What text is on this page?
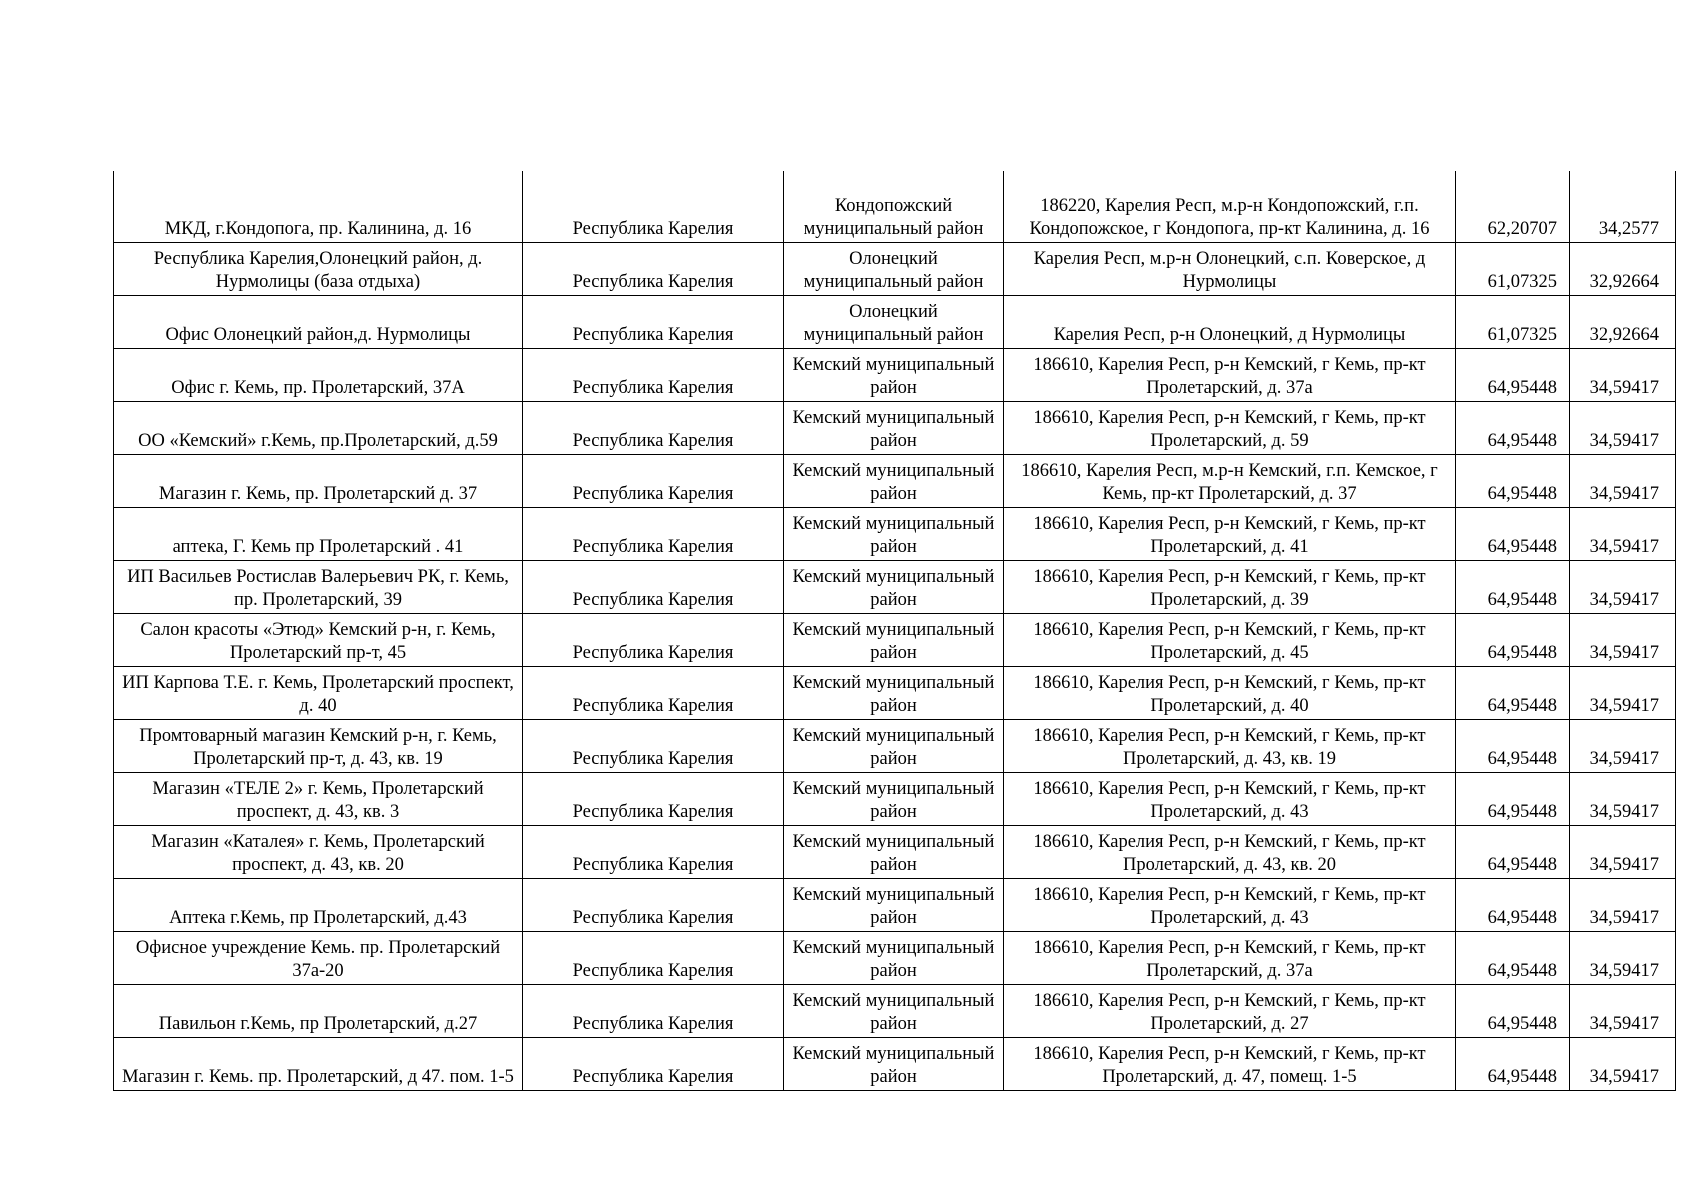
МКД, г.Кондопога, пр. Калинина, д. 16	Республика Карелия	Кондопожский муниципальный район	186220, Карелия Респ, м.р-н Кондопожский, г.п. Кондопожское, г Кондопога, пр-кт Калинина, д. 16	62,20707	34,2577
Республика Карелия,Олонецкий район, д. Нурмолицы (база отдыха)	Республика Карелия	Олонецкий муниципальный район	Карелия Респ, м.р-н Олонецкий, с.п. Коверское, д Нурмолицы	61,07325	32,92664
Офис Олонецкий район,д. Нурмолицы	Республика Карелия	Олонецкий муниципальный район	Карелия Респ, р-н Олонецкий, д Нурмолицы	61,07325	32,92664
Офис г. Кемь, пр. Пролетарский, 37А	Республика Карелия	Кемский муниципальный район	186610, Карелия Респ, р-н Кемский, г Кемь, пр-кт Пролетарский, д. 37а	64,95448	34,59417
ОО «Кемский» г.Кемь, пр.Пролетарский, д.59	Республика Карелия	Кемский муниципальный район	186610, Карелия Респ, р-н Кемский, г Кемь, пр-кт Пролетарский, д. 59	64,95448	34,59417
Магазин г. Кемь, пр. Пролетарский д. 37	Республика Карелия	Кемский муниципальный район	186610, Карелия Респ, м.р-н Кемский, г.п. Кемское, г Кемь, пр-кт Пролетарский, д. 37	64,95448	34,59417
аптека, Г. Кемь пр Пролетарский . 41	Республика Карелия	Кемский муниципальный район	186610, Карелия Респ, р-н Кемский, г Кемь, пр-кт Пролетарский, д. 41	64,95448	34,59417
ИП Васильев Ростислав Валерьевич РК, г. Кемь, пр. Пролетарский, 39	Республика Карелия	Кемский муниципальный район	186610, Карелия Респ, р-н Кемский, г Кемь, пр-кт Пролетарский, д. 39	64,95448	34,59417
Салон красоты «Этюд» Кемский р-н, г. Кемь, Пролетарский пр-т, 45	Республика Карелия	Кемский муниципальный район	186610, Карелия Респ, р-н Кемский, г Кемь, пр-кт Пролетарский, д. 45	64,95448	34,59417
ИП Карпова Т.Е. г. Кемь, Пролетарский проспект, д. 40	Республика Карелия	Кемский муниципальный район	186610, Карелия Респ, р-н Кемский, г Кемь, пр-кт Пролетарский, д. 40	64,95448	34,59417
Промтоварный магазин Кемский р-н, г. Кемь, Пролетарский пр-т, д. 43, кв. 19	Республика Карелия	Кемский муниципальный район	186610, Карелия Респ, р-н Кемский, г Кемь, пр-кт Пролетарский, д. 43, кв. 19	64,95448	34,59417
Магазин «ТЕЛЕ 2» г. Кемь, Пролетарский проспект, д. 43, кв. 3	Республика Карелия	Кемский муниципальный район	186610, Карелия Респ, р-н Кемский, г Кемь, пр-кт Пролетарский, д. 43	64,95448	34,59417
Магазин «Каталея» г. Кемь, Пролетарский проспект, д. 43, кв. 20	Республика Карелия	Кемский муниципальный район	186610, Карелия Респ, р-н Кемский, г Кемь, пр-кт Пролетарский, д. 43, кв. 20	64,95448	34,59417
Аптека г.Кемь, пр Пролетарский, д.43	Республика Карелия	Кемский муниципальный район	186610, Карелия Респ, р-н Кемский, г Кемь, пр-кт Пролетарский, д. 43	64,95448	34,59417
Офисное учреждение Кемь. пр. Пролетарский 37а-20	Республика Карелия	Кемский муниципальный район	186610, Карелия Респ, р-н Кемский, г Кемь, пр-кт Пролетарский, д. 37а	64,95448	34,59417
Павильон г.Кемь, пр Пролетарский, д.27	Республика Карелия	Кемский муниципальный район	186610, Карелия Респ, р-н Кемский, г Кемь, пр-кт Пролетарский, д. 27	64,95448	34,59417
Магазин г. Кемь. пр. Пролетарский, д 47. пом. 1-5	Республика Карелия	Кемский муниципальный район	186610, Карелия Респ, р-н Кемский, г Кемь, пр-кт Пролетарский, д. 47, помещ. 1-5	64,95448	34,59417
